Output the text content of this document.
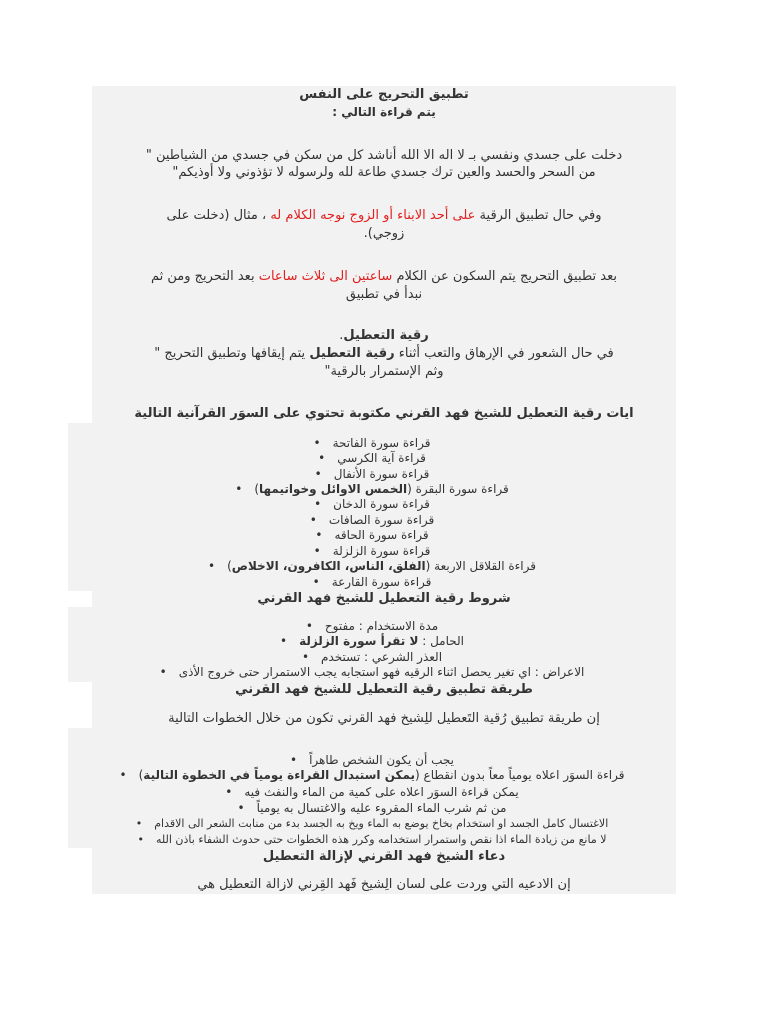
تطبيق التحريج على النفس
يتم قراءة التالي :
دخلت على جسدي ونفسي بـ لا اله الا الله أناشد كل من سكن في جسدي من الشياطين "
من السحر والحسد والعين ترك جسدي طاعة لله ولرسوله لا تؤذوني ولا أوذيكم"
وفي حال تطبيق الرقية على أحد الابناء أو الزوج نوجه الكلام له ، مثال (دخلت على
زوجي).
بعد تطبيق التحريج يتم السكون عن الكلام ساعتين الى ثلاث ساعات بعد التحريج ومن ثم
نبدأ في تطبيق
رقية التعطيل.
في حال الشعور في الإرهاق والتعب أثناء رقية التعطيل يتم إيقافها وتطبيق التحريج "
وثم الإستمرار بالرقية"
ايات رقية التعطيل للشيخ فهد القرني مكتوبة تحتوي على السوَر القرآنية التالية
قراءة سورة الفاتحة•
قراءة آية الكرسي•
قراءة سورة الأنفال•
قراءة سورة البقرة (الخمس الاوائل وخواتيمها)•
قراءة سورة الدخان•
قراءة سورة الصافات•
قراءة سورة الحاقه•
قراءة سورة الزلزلة•
قراءة القلاقل الاربعة (الفلق، الناس، الكافرون، الاخلاص)•
قراءة سورة القارعة•
شروط رقية التعطيل للشيخ فهد القرني
مدة الاستخدام : مفتوح•
الحامل : لا تقرأ سورة الزلزلة•
العذر الشرعي : تستخدم•
الاعراض : اي تغير يحصل اثناء الرقيه فهو استجابه يجب الاستمرار حتى خروج الأذى•
طريقة تطبيق رقية التعطيل للشيخ فهد القرني
إن طريقة تطبيق رُقية التَعطيل للِشيخ فهد القرني تكون من خلال الخطوات التالية
يجب أن يكون الشخص طاهراً•
قراءة السوَر اعلاه يومياً معاً بدون انقطاع (يمكن استبدال القراءة يومياً في الخطوة التالية)•
يمكن قراءة السوَر اعلاه على كمية من الماء والنفث فيه•
من ثم شرب الماء المقروء عليه والاغتسال به يومياً•
الاغتسال كامل الجسد او استخدام بخاخ يوضع به الماء ويخ به الجسد بدء من منابت الشعر الى الاقدام•
لا مانع من زيادة الماء اذا نقص واستمرار استخدامه وكرر هذه الخطوات حتى حدوث الشفاء باذن الله•
دعاء الشيخ فهد القرني لإزالة التعطيل
إن الادعيه التي وردت على لسان الِشيخ فَهد القِرني لازالة التعطيل هي
